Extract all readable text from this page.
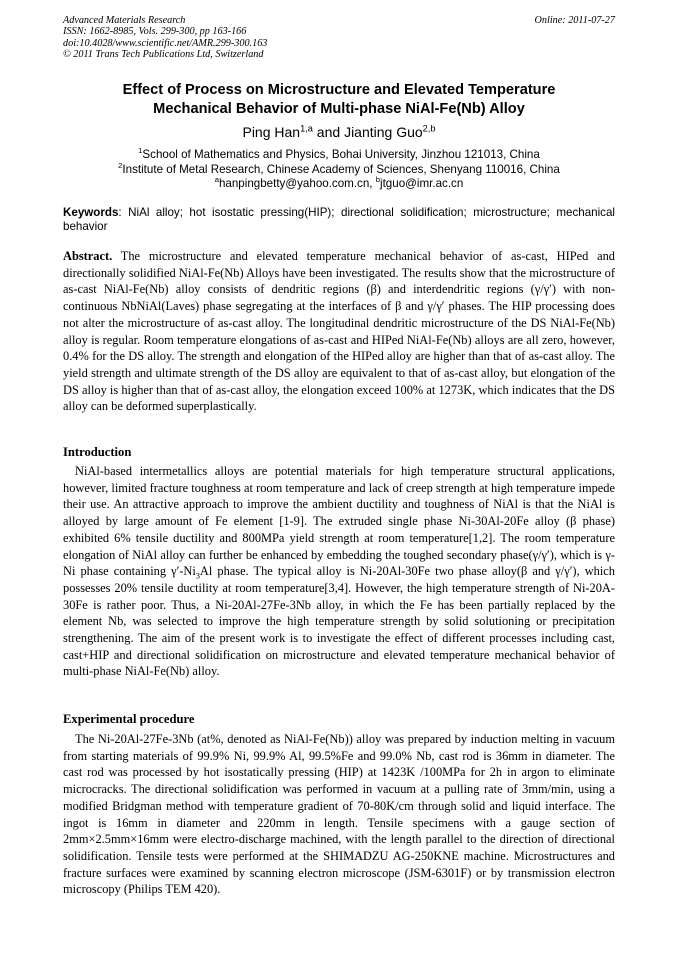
Advanced Materials Research
ISSN: 1662-8985, Vols. 299-300, pp 163-166
doi:10.4028/www.scientific.net/AMR.299-300.163
© 2011 Trans Tech Publications Ltd, Switzerland
Online: 2011-07-27
Effect of Process on Microstructure and Elevated Temperature
Mechanical Behavior of Multi-phase NiAl-Fe(Nb) Alloy
Ping Han$^{1,a}$ and Jianting Guo$^{2,b}$
$^1$School of Mathematics and Physics, Bohai University, Jinzhou 121013, China
$^2$Institute of Metal Research, Chinese Academy of Sciences, Shenyang 110016, China
$^a$hanpingbetty@yahoo.com.cn, $^b$jtguo@imr.ac.cn
Keywords: NiAl alloy; hot isostatic pressing(HIP); directional solidification; microstructure; mechanical behavior
Abstract. The microstructure and elevated temperature mechanical behavior of as-cast, HIPed and directionally solidified NiAl-Fe(Nb) Alloys have been investigated. The results show that the microstructure of as-cast NiAl-Fe(Nb) alloy consists of dendritic regions (β) and interdendritic regions (γ/γ′) with non-continuous NbNiAl(Laves) phase segregating at the interfaces of β and γ/γ′ phases. The HIP processing does not alter the microstructure of as-cast alloy. The longitudinal dendritic microstructure of the DS NiAl-Fe(Nb) alloy is regular. Room temperature elongations of as-cast and HIPed NiAl-Fe(Nb) alloys are all zero, however, 0.4% for the DS alloy. The strength and elongation of the HIPed alloy are higher than that of as-cast alloy. The yield strength and ultimate strength of the DS alloy are equivalent to that of as-cast alloy, but elongation of the DS alloy is higher than that of as-cast alloy, the elongation exceed 100% at 1273K, which indicates that the DS alloy can be deformed superplastically.
Introduction
NiAl-based intermetallics alloys are potential materials for high temperature structural applications, however, limited fracture toughness at room temperature and lack of creep strength at high temperature impede their use. An attractive approach to improve the ambient ductility and toughness of NiAl is that the NiAl is alloyed by large amount of Fe element [1-9]. The extruded single phase Ni-30Al-20Fe alloy (β phase) exhibited 6% tensile ductility and 800MPa yield strength at room temperature[1,2]. The room temperature elongation of NiAl alloy can further be enhanced by embedding the toughed secondary phase(γ/γ′), which is γ-Ni phase containing $\gamma'-Ni_3Al$ phase. The typical alloy is Ni-20Al-30Fe two phase alloy(β and γ/γ′), which possesses 20% tensile ductility at room temperature[3,4]. However, the high temperature strength of Ni-20A-30Fe is rather poor. Thus, a Ni-20Al-27Fe-3Nb alloy, in which the Fe has been partially replaced by the element Nb, was selected to improve the high temperature strength by solid solutioning or precipitation strengthening. The aim of the present work is to investigate the effect of different processes including cast, cast+HIP and directional solidification on microstructure and elevated temperature mechanical behavior of multi-phase NiAl-Fe(Nb) alloy.
Experimental procedure
The Ni-20Al-27Fe-3Nb (at%, denoted as NiAl-Fe(Nb)) alloy was prepared by induction melting in vacuum from starting materials of 99.9% Ni, 99.9% Al, 99.5%Fe and 99.0% Nb, cast rod is 36mm in diameter. The cast rod was processed by hot isostatically pressing (HIP) at 1423K /100MPa for 2h in argon to eliminate microcracks. The directional solidification was performed in vacuum at a pulling rate of 3mm/min, using a modified Bridgman method with temperature gradient of 70-80K/cm through solid and liquid interface. The ingot is 16mm in diameter and 220mm in length. Tensile specimens with a gauge section of 2mm×2.5mm×16mm were electro-discharge machined, with the length parallel to the direction of directional solidification. Tensile tests were performed at the SHIMADZU AG-250KNE machine. Microstructures and fracture surfaces were examined by scanning electron microscope (JSM-6301F) or by transmission electron microscopy (Philips TEM 420).
